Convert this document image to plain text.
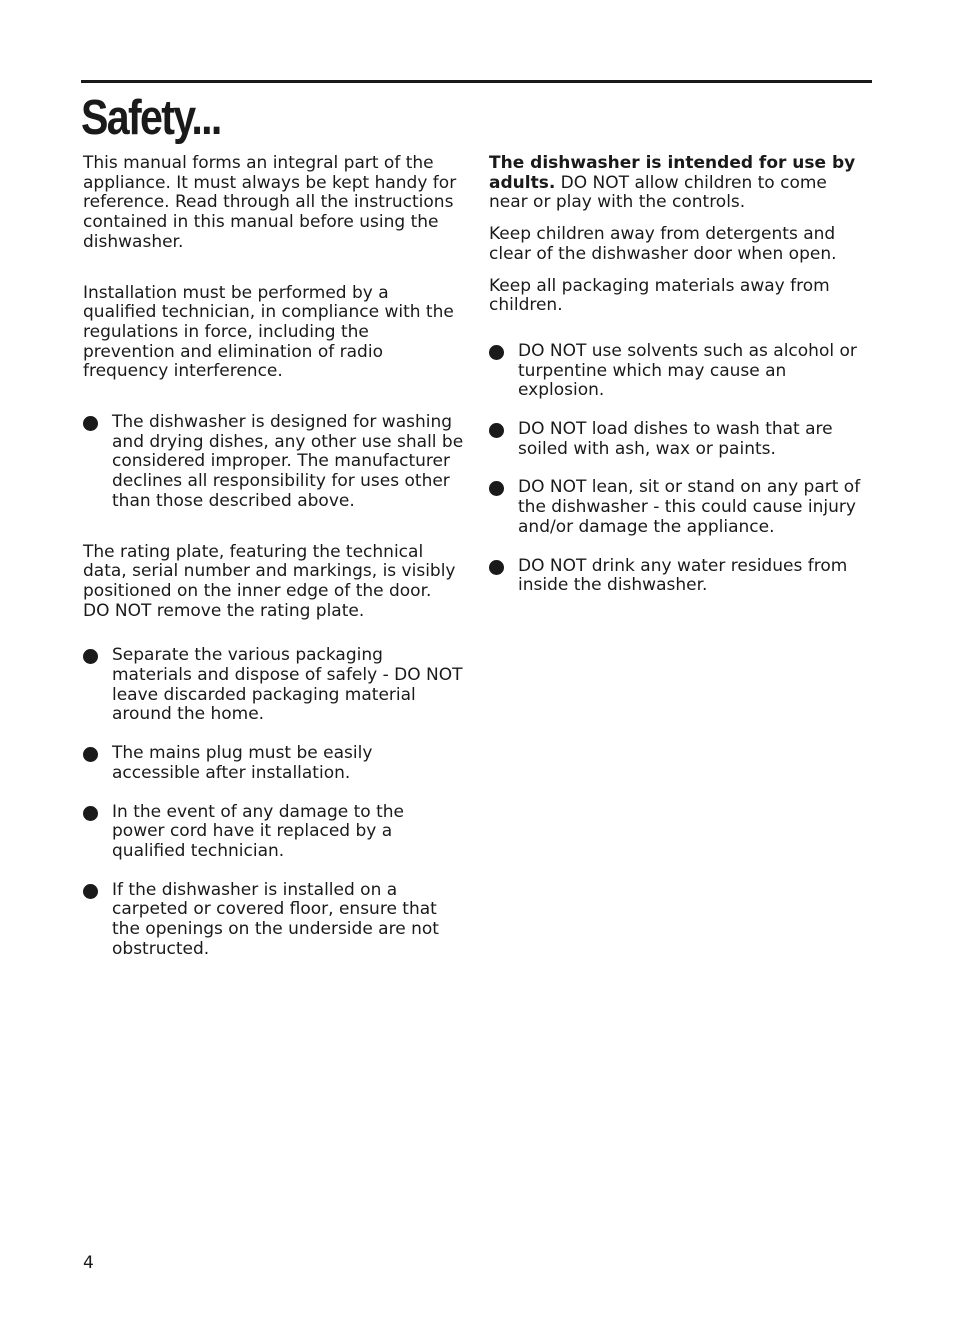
Safety...

This manual forms an integral part of the
appliance. It must always be kept handy for
reference. Read through all the instructions
contained in this manual before using the
dishwasher.

Installation must be performed by a
qualified technician, in compliance with the
regulations in force, including the
prevention and elimination of radio
frequency interference.

The dishwasher is designed for washing
and drying dishes, any other use shall be
considered improper. The manufacturer
declines all responsibility for uses other
than those described above.

The rating plate, featuring the technical
data, serial number and markings, is visibly
positioned on the inner edge of the door.
DO NOT remove the rating plate.

Separate the various packaging
materials and dispose of safely - DO NOT
leave discarded packaging material
around the home.
The mains plug must be easily
accessible after installation.
In the event of any damage to the
power cord have it replaced by a
qualified technician.
If the dishwasher is installed on a
carpeted or covered floor, ensure that
the openings on the underside are not
obstructed.

The dishwasher is intended for use by
adults. DO NOT allow children to come
near or play with the controls.

Keep children away from detergents and
clear of the dishwasher door when open.

Keep all packaging materials away from
children.

DO NOT use solvents such as alcohol or
turpentine which may cause an
explosion.
DO NOT load dishes to wash that are
soiled with ash, wax or paints.
DO NOT lean, sit or stand on any part of
the dishwasher - this could cause injury
and/or damage the appliance.
DO NOT drink any water residues from
inside the dishwasher.
4
